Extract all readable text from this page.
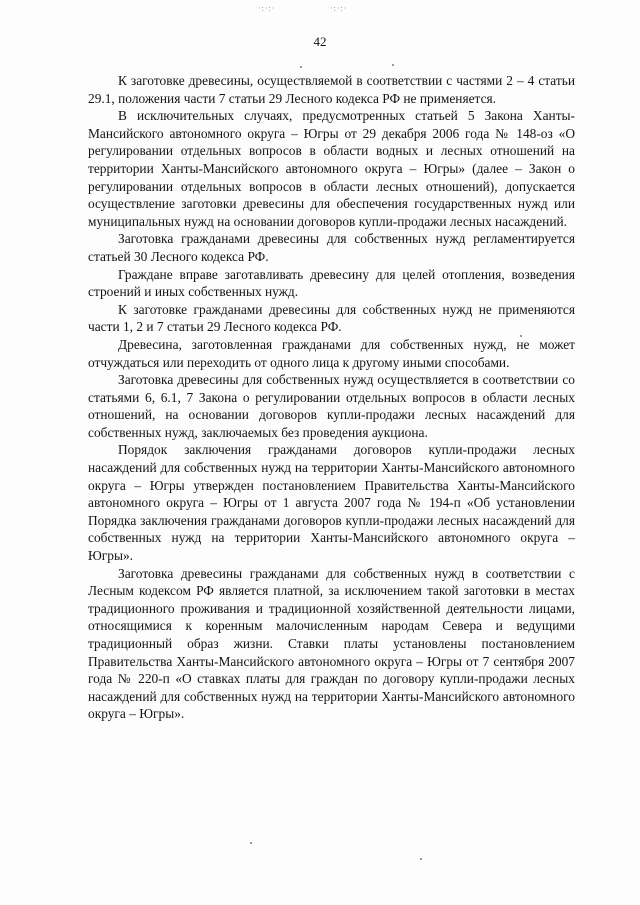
·:·:·	·:·:·
42

К заготовке древесины, осуществляемой в соответствии с частями 2 – 4 статьи 29.1, положения части 7 статьи 29 Лесного кодекса РФ не применяется.

В исключительных случаях, предусмотренных статьей 5 Закона Ханты-Мансийского автономного округа – Югры от 29 декабря 2006 года № 148-оз «О регулировании отдельных вопросов в области водных и лесных отношений на территории Ханты-Мансийского автономного округа – Югры» (далее – Закон о регулировании отдельных вопросов в области лесных отношений), допускается осуществление заготовки древесины для обеспечения государственных нужд или муниципальных нужд на основании договоров купли-продажи лесных насаждений.

Заготовка гражданами древесины для собственных нужд регламентируется статьей 30 Лесного кодекса РФ.

Граждане вправе заготавливать древесину для целей отопления, возведения строений и иных собственных нужд.

К заготовке гражданами древесины для собственных нужд не применяются части 1, 2 и 7 статьи 29 Лесного кодекса РФ.

Древесина, заготовленная гражданами для собственных нужд, не может отчуждаться или переходить от одного лица к другому иными способами.

Заготовка древесины для собственных нужд осуществляется в соответствии со статьями 6, 6.1, 7 Закона о регулировании отдельных вопросов в области лесных отношений, на основании договоров купли-продажи лесных насаждений для собственных нужд, заключаемых без проведения аукциона.

Порядок заключения гражданами договоров купли-продажи лесных насаждений для собственных нужд на территории Ханты-Мансийского автономного округа – Югры утвержден постановлением Правительства Ханты-Мансийского автономного округа – Югры от 1 августа 2007 года № 194-п «Об установлении Порядка заключения гражданами договоров купли-продажи лесных насаждений для собственных нужд на территории Ханты-Мансийского автономного округа – Югры».

Заготовка древесины гражданами для собственных нужд в соответствии с Лесным кодексом РФ является платной, за исключением такой заготовки в местах традиционного проживания и традиционной хозяйственной деятельности лицами, относящимися к коренным малочисленным народам Севера и ведущими традиционный образ жизни. Ставки платы установлены постановлением Правительства Ханты-Мансийского автономного округа – Югры от 7 сентября 2007 года № 220-п «О ставках платы для граждан по договору купли-продажи лесных насаждений для собственных нужд на территории Ханты-Мансийского автономного округа – Югры».
